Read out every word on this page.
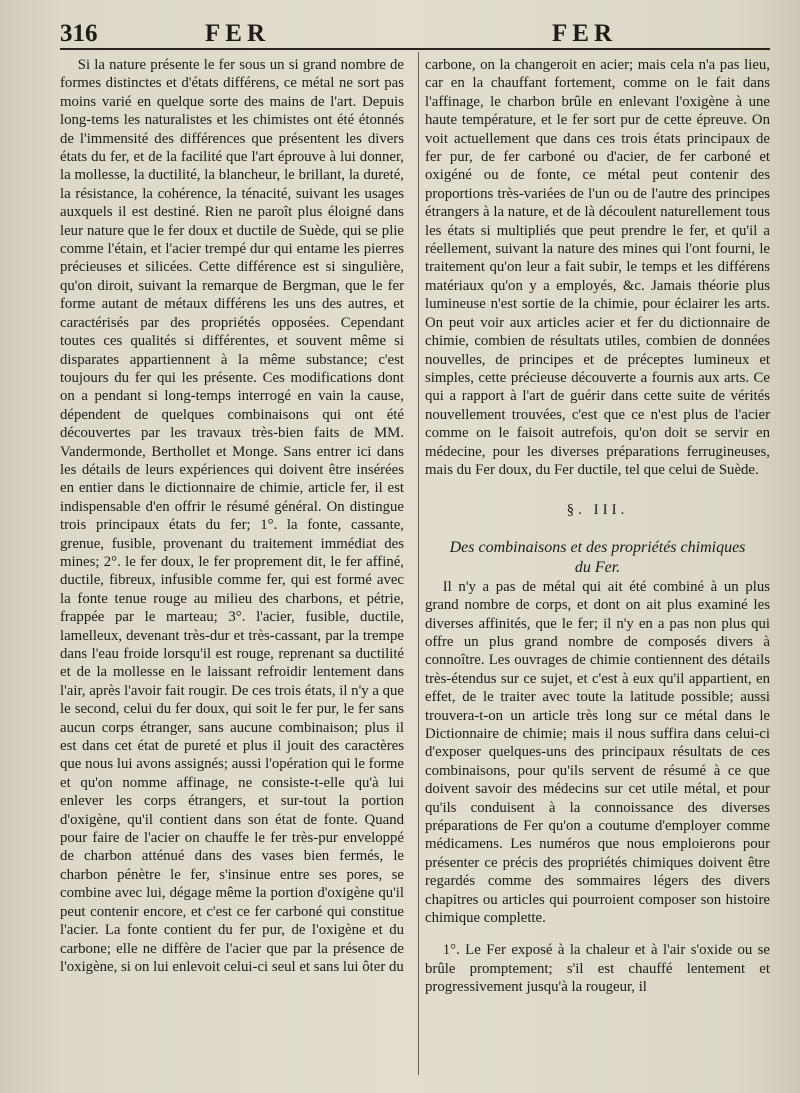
316	FER	FER

Si la nature présente le fer sous un si grand nombre de formes distinctes et d'états différens, ce métal ne sort pas moins varié en quelque sorte des mains de l'art. Depuis long-tems les naturalistes et les chimistes ont été étonnés de l'immensité des différences que présentent les divers états du fer, et de la facilité que l'art éprouve à lui donner, la mollesse, la ductilité, la blancheur, le brillant, la dureté, la résistance, la cohérence, la ténacité, suivant les usages auxquels il est destiné. Rien ne paroît plus éloigné dans leur nature que le fer doux et ductile de Suède, qui se plie comme l'étain, et l'acier trempé dur qui entame les pierres précieuses et silicées. Cette différence est si singulière, qu'on diroit, suivant la remarque de Bergman, que le fer forme autant de métaux différens les uns des autres, et caractérisés par des propriétés opposées. Cependant toutes ces qualités si différentes, et souvent même si disparates appartiennent à la même substance; c'est toujours du fer qui les présente. Ces modifications dont on a pendant si long-temps interrogé en vain la cause, dépendent de quelques combinaisons qui ont été découvertes par les travaux très-bien faits de MM. Vandermonde, Berthollet et Monge. Sans entrer ici dans les détails de leurs expériences qui doivent être insérées en entier dans le dictionnaire de chimie, article fer, il est indispensable d'en offrir le résumé général. On distingue trois principaux états du fer; 1°. la fonte, cassante, grenue, fusible, provenant du traitement immédiat des mines; 2°. le fer doux, le fer proprement dit, le fer affiné, ductile, fibreux, infusible comme fer, qui est formé avec la fonte tenue rouge au milieu des charbons, et pétrie, frappée par le marteau; 3°. l'acier, fusible, ductile, lamelleux, devenant très-dur et très-cassant, par la trempe dans l'eau froide lorsqu'il est rouge, reprenant sa ductilité et de la mollesse en le laissant refroidir lentement dans l'air, après l'avoir fait rougir. De ces trois états, il n'y a que le second, celui du fer doux, qui soit le fer pur, le fer sans aucun corps étranger, sans aucune combinaison; plus il est dans cet état de pureté et plus il jouit des caractères que nous lui avons assignés; aussi l'opération qui le forme et qu'on nomme affinage, ne consiste-t-elle qu'à lui enlever les corps étrangers, et sur-tout la portion d'oxigène, qu'il contient dans son état de fonte. Quand pour faire de l'acier on chauffe le fer très-pur enveloppé de charbon atténué dans des vases bien fermés, le charbon pénètre le fer, s'insinue entre ses pores, se combine avec lui, dégage même la portion d'oxigène qu'il peut contenir encore, et c'est ce fer carboné qui constitue l'acier. La fonte contient du fer pur, de l'oxigène et du carbone; elle ne diffère de l'acier que par la présence de l'oxigène, si on lui enlevoit celui-ci seul et sans lui ôter du

carbone, on la changeroit en acier; mais cela n'a pas lieu, car en la chauffant fortement, comme on le fait dans l'affinage, le charbon brûle en enlevant l'oxigène à une haute température, et le fer sort pur de cette épreuve. On voit actuellement que dans ces trois états principaux de fer pur, de fer carboné ou d'acier, de fer carboné et oxigéné ou de fonte, ce métal peut contenir des proportions très-variées de l'un ou de l'autre des principes étrangers à la nature, et de là découlent naturellement tous les états si multipliés que peut prendre le fer, et qu'il a réellement, suivant la nature des mines qui l'ont fourni, le traitement qu'on leur a fait subir, le temps et les différens matériaux qu'on y a employés, &c. Jamais théorie plus lumineuse n'est sortie de la chimie, pour éclairer les arts. On peut voir aux articles acier et fer du dictionnaire de chimie, combien de résultats utiles, combien de données nouvelles, de principes et de préceptes lumineux et simples, cette précieuse découverte a fournis aux arts. Ce qui a rapport à l'art de guérir dans cette suite de vérités nouvellement trouvées, c'est que ce n'est plus de l'acier comme on le faisoit autrefois, qu'on doit se servir en médecine, pour les diverses préparations ferrugineuses, mais du Fer doux, du Fer ductile, tel que celui de Suède.

§. III.

Des combinaisons et des propriétés chimiques
du Fer.

Il n'y a pas de métal qui ait été combiné à un plus grand nombre de corps, et dont on ait plus examiné les diverses affinités, que le fer; il n'y en a pas non plus qui offre un plus grand nombre de composés divers à connoître. Les ouvrages de chimie contiennent des détails très-étendus sur ce sujet, et c'est à eux qu'il appartient, en effet, de le traiter avec toute la latitude possible; aussi trouvera-t-on un article très long sur ce métal dans le Dictionnaire de chimie; mais il nous suffira dans celui-ci d'exposer quelques-uns des principaux résultats de ces combinaisons, pour qu'ils servent de résumé à ce que doivent savoir des médecins sur cet utile métal, et pour qu'ils conduisent à la connoissance des diverses préparations de Fer qu'on a coutume d'employer comme médicamens. Les numéros que nous emploierons pour présenter ce précis des propriétés chimiques doivent être regardés comme des sommaires légers des divers chapitres ou articles qui pourroient composer son histoire chimique complette.

1°. Le Fer exposé à la chaleur et à l'air s'oxide ou se brûle promptement; s'il est chauffé lentement et progressivement jusqu'à la rougeur, il
